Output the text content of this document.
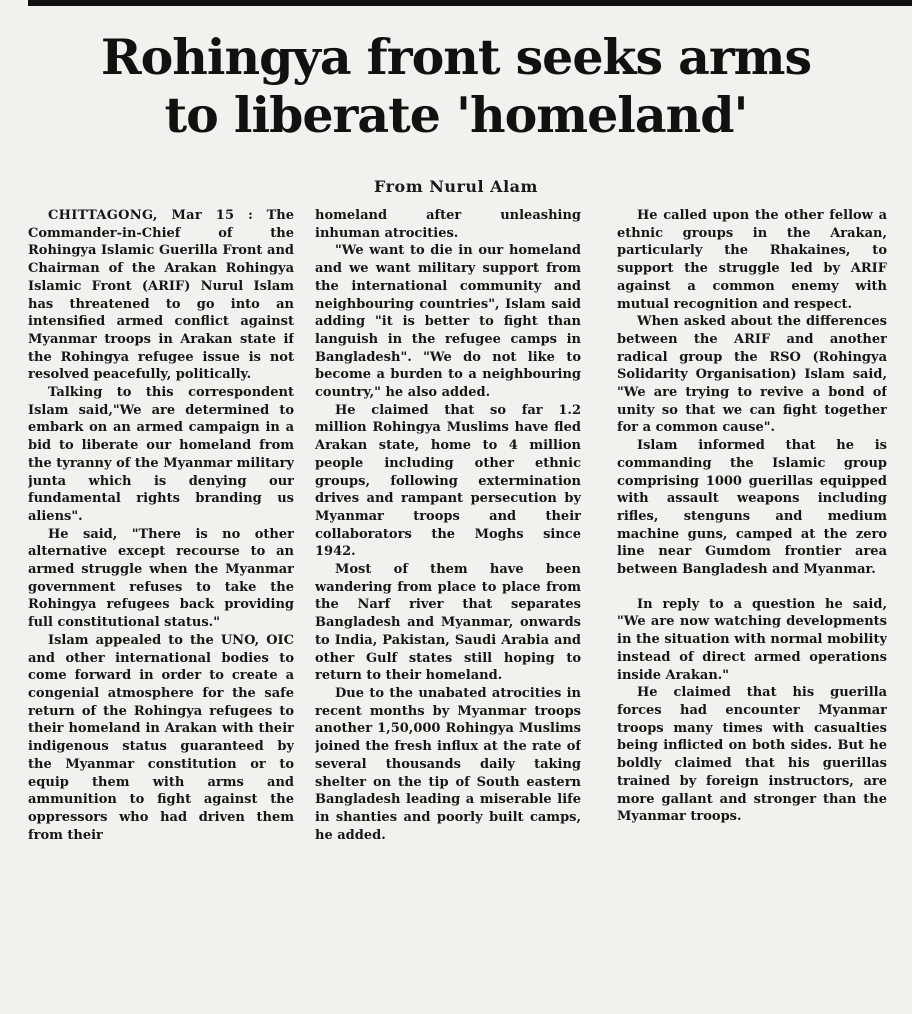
Rohingya front seeks arms
to liberate 'homeland'
From Nurul Alam

CHITTAGONG, Mar 15 : The Commander-in-Chief of the Rohingya Islamic Guerilla Front and Chairman of the Arakan Rohingya Islamic Front (ARIF) Nurul Islam has threatened to go into an intensified armed conflict against Myanmar troops in Arakan state if the Rohingya refugee issue is not resolved peacefully, politically.

Talking to this correspondent Islam said,"We are determined to embark on an armed campaign in a bid to liberate our homeland from the tyranny of the Myanmar military junta which is denying our fundamental rights branding us aliens".

He said, "There is no other alternative except recourse to an armed struggle when the Myanmar government refuses to take the Rohingya refugees back providing full constitutional status."

Islam appealed to the UNO, OIC and other international bodies to come forward in order to create a congenial atmosphere for the safe return of the Rohingya refugees to their homeland in Arakan with their indigenous status guaranteed by the Myanmar constitution or to equip them with arms and ammunition to fight against the oppressors who had driven them from their

homeland after unleashing inhuman atrocities.

"We want to die in our homeland and we want military support from the international community and neighbouring countries", Islam said adding "it is better to fight than languish in the refugee camps in Bangladesh". "We do not like to become a burden to a neighbouring country," he also added.

He claimed that so far 1.2 million Rohingya Muslims have fled Arakan state, home to 4 million people including other ethnic groups, following extermination drives and rampant persecution by Myanmar troops and their collaborators the Moghs since 1942.

Most of them have been wandering from place to place from the Narf river that separates Bangladesh and Myanmar, onwards to India, Pakistan, Saudi Arabia and other Gulf states still hoping to return to their homeland.

Due to the unabated atrocities in recent months by Myanmar troops another 1,50,000 Rohingya Muslims joined the fresh influx at the rate of several thousands daily taking shelter on the tip of South eastern Bangladesh leading a miserable life in shanties and poorly built camps, he added.

He called upon the other fellow a ethnic groups in the Arakan, particularly the Rhakaines, to support the struggle led by ARIF against a common enemy with mutual recognition and respect.

When asked about the differences between the ARIF and another radical group the RSO (Rohingya Solidarity Organisation) Islam said, "We are trying to revive a bond of unity so that we can fight together for a common cause".

Islam informed that he is commanding the Islamic group comprising 1000 guerillas equipped with assault weapons including rifles, stenguns and medium machine guns, camped at the zero line near Gumdom frontier area between Bangladesh and Myanmar.

In reply to a question he said, "We are now watching developments in the situation with normal mobility instead of direct armed operations inside Arakan."

He claimed that his guerilla forces had encounter Myanmar troops many times with casualties being inflicted on both sides. But he boldly claimed that his guerillas trained by foreign instructors, are more gallant and stronger than the Myanmar troops.
